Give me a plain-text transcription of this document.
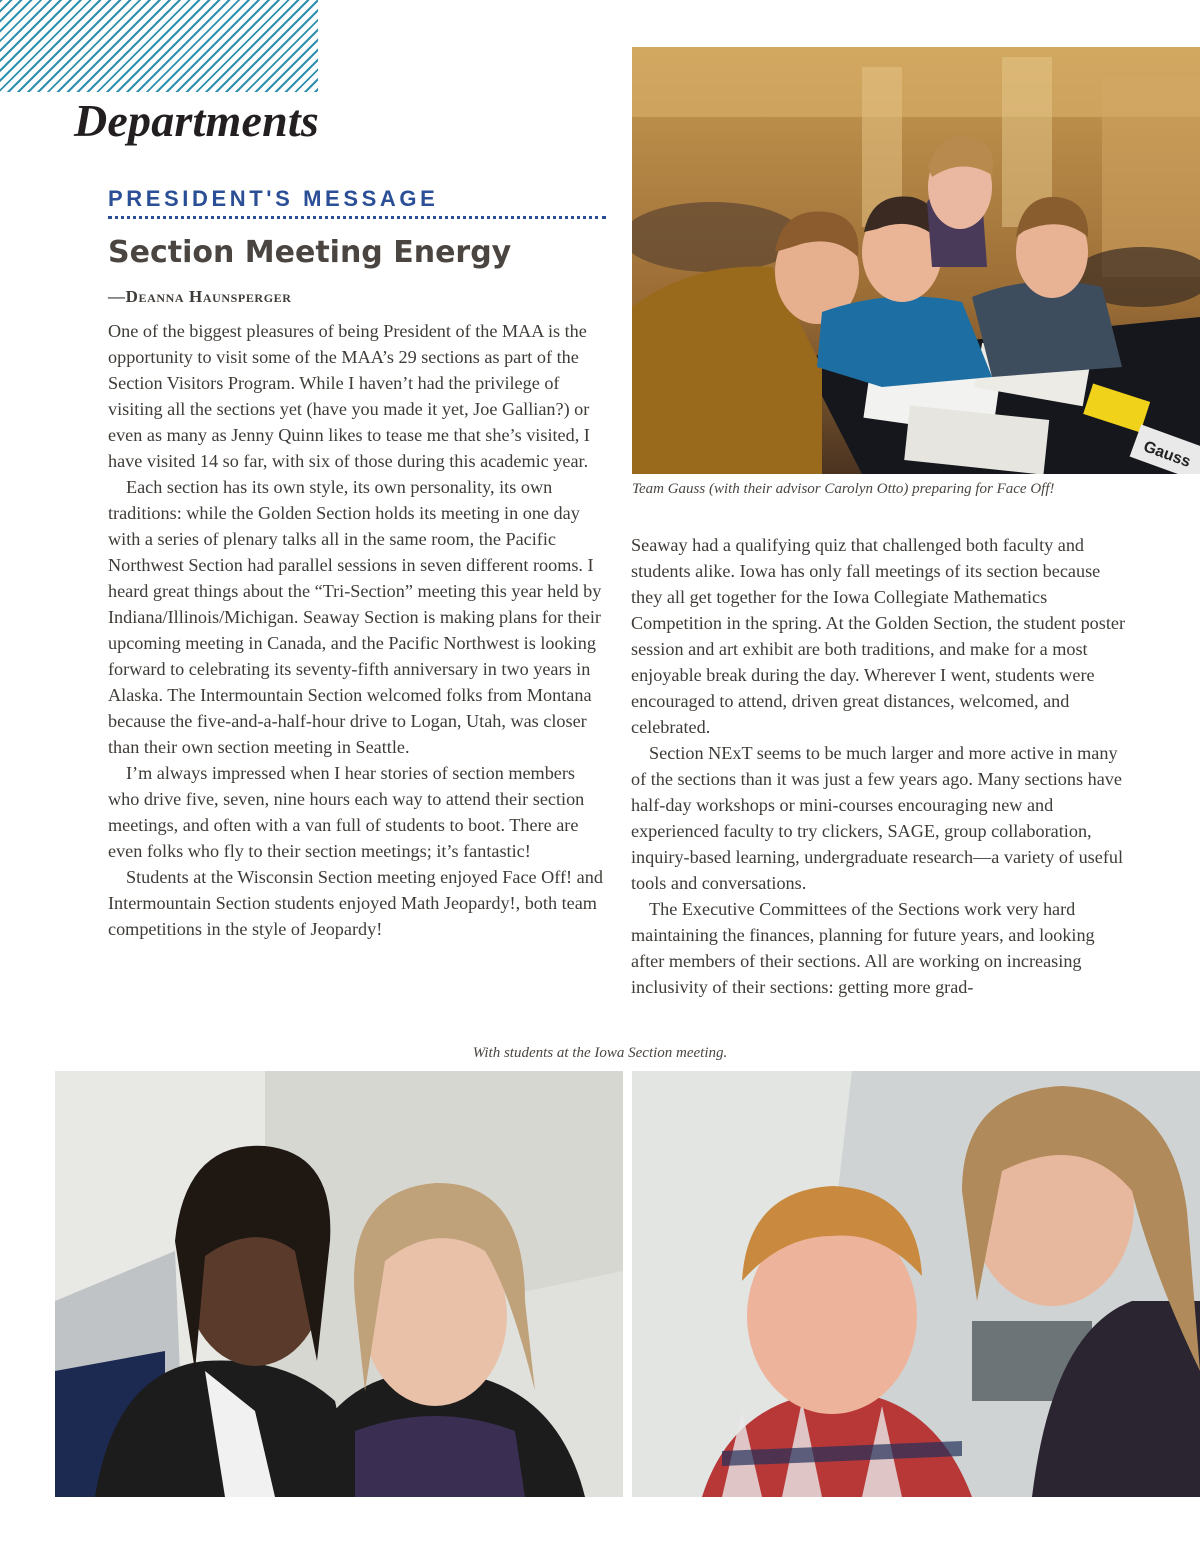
Departments
PRESIDENT'S MESSAGE
Section Meeting Energy
—Deanna Haunsperger

One of the biggest pleasures of being President of the MAA is the opportunity to visit some of the MAA’s 29 sections as part of the Section Visitors Program. While I haven’t had the privilege of visiting all the sections yet (have you made it yet, Joe Gallian?) or even as many as Jenny Quinn likes to tease me that she’s visited, I have visited 14 so far, with six of those during this academic year.

Each section has its own style, its own personality, its own traditions: while the Golden Section holds its meeting in one day with a series of plenary talks all in the same room, the Pacific Northwest Section had parallel sessions in seven different rooms. I heard great things about the “Tri-Section” meeting this year held by Indiana/Illinois/Michigan. Seaway Section is making plans for their upcoming meeting in Canada, and the Pacific Northwest is looking forward to celebrating its seventy-fifth anniversary in two years in Alaska. The Intermountain Section welcomed folks from Montana because the five-and-a-half-hour drive to Logan, Utah, was closer than their own section meeting in Seattle.

I’m always impressed when I hear stories of section members who drive five, seven, nine hours each way to attend their section meetings, and often with a van full of students to boot. There are even folks who fly to their section meetings; it’s fantastic!

Students at the Wisconsin Section meeting enjoyed Face Off! and Intermountain Section students enjoyed Math Jeopardy!, both team competitions in the style of Jeopardy!

Seaway had a qualifying quiz that challenged both faculty and students alike. Iowa has only fall meetings of its section because they all get together for the Iowa Collegiate Mathematics Competition in the spring. At the Golden Section, the student poster session and art exhibit are both traditions, and make for a most enjoyable break during the day. Wherever I went, students were encouraged to attend, driven great distances, welcomed, and celebrated.

Section NExT seems to be much larger and more active in many of the sections than it was just a few years ago. Many sections have half-day workshops or mini-courses encouraging new and experienced faculty to try clickers, SAGE, group collaboration, inquiry-based learning, undergraduate research—a variety of useful tools and conversations.

The Executive Committees of the Sections work very hard maintaining the finances, planning for future years, and looking after members of their sections. All are working on increasing inclusivity of their sections: getting more grad-

Gauss
Team Gauss (with their advisor Carolyn Otto) preparing for Face Off!
With students at the Iowa Section meeting.
